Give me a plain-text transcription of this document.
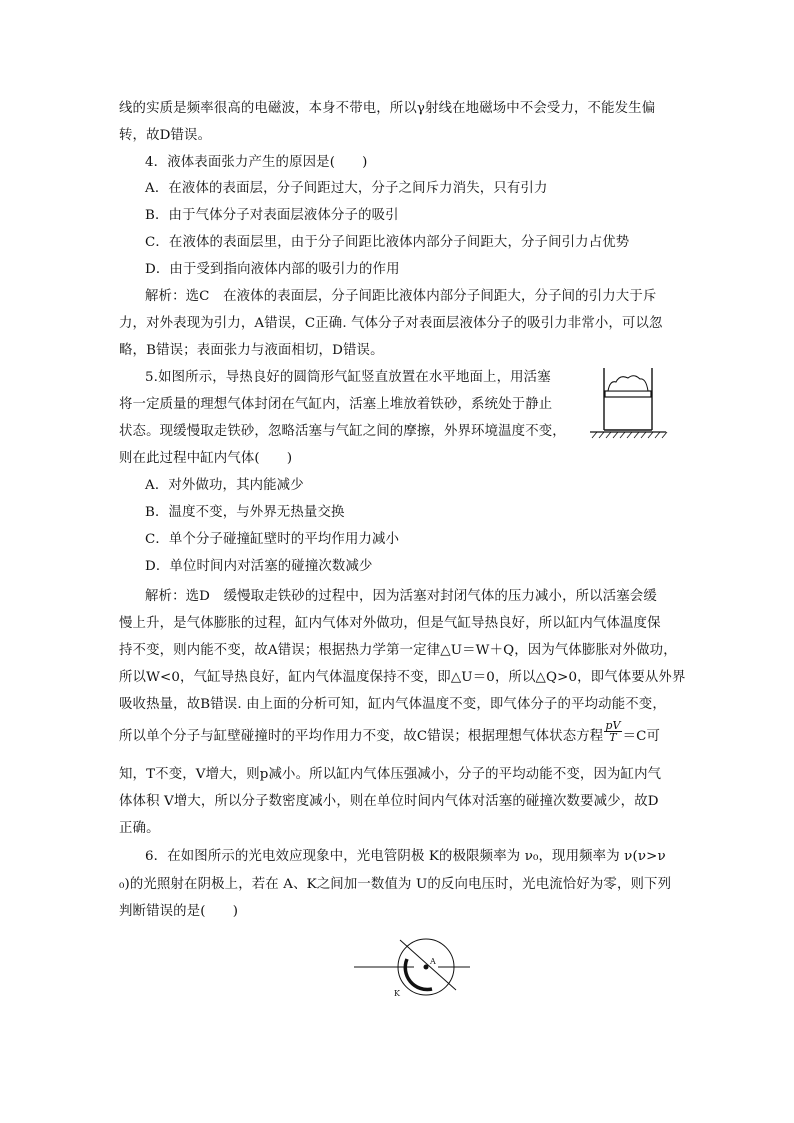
线的实质是频率很高的电磁波，本身不带电，所以γ射线在地磁场中不会受力，不能发生偏
转，故D错误。
4．液体表面张力产生的原因是(　　)
A．在液体的表面层，分子间距过大，分子之间斥力消失，只有引力
B．由于气体分子对表面层液体分子的吸引
C．在液体的表面层里，由于分子间距比液体内部分子间距大，分子间引力占优势
D．由于受到指向液体内部的吸引力的作用
解析：选C　在液体的表面层，分子间距比液体内部分子间距大，分子间的引力大于斥
力，对外表现为引力，A错误，C正确. 气体分子对表面层液体分子的吸引力非常小，可以忽
略，B错误；表面张力与液面相切，D错误。
5.如图所示，导热良好的圆筒形气缸竖直放置在水平地面上，用活塞
将一定质量的理想气体封闭在气缸内，活塞上堆放着铁砂，系统处于静止
状态。现缓慢取走铁砂，忽略活塞与气缸之间的摩擦，外界环境温度不变，
则在此过程中缸内气体(　　)
A．对外做功，其内能减少
B．温度不变，与外界无热量交换
C．单个分子碰撞缸壁时的平均作用力减小
D．单位时间内对活塞的碰撞次数减少
解析：选D　缓慢取走铁砂的过程中，因为活塞对封闭气体的压力减小，所以活塞会缓
慢上升，是气体膨胀的过程，缸内气体对外做功，但是气缸导热良好，所以缸内气体温度保
持不变，则内能不变，故A错误；根据热力学第一定律△U＝W＋Q，因为气体膨胀对外做功，
所以W<0，气缸导热良好，缸内气体温度保持不变，即△U＝0，所以△Q>0，即气体要从外界
吸收热量，故B错误. 由上面的分析可知，缸内气体温度不变，即气体分子的平均动能不变，
所以单个分子与缸壁碰撞时的平均作用力不变，故C错误；根据理想气体状态方程 $\frac{pV}{T} =C$可
知，T不变，V增大，则p减小。所以缸内气体压强减小，分子的平均动能不变，因为缸内气
体体积 V增大，所以分子数密度减小，则在单位时间内气体对活塞的碰撞次数要减少，故D
正确。
6．在如图所示的光电效应现象中，光电管阴极 K的极限频率为 ν₀，现用频率为 ν(ν>ν
₀)的光照射在阴极上，若在 A、K之间加一数值为 U的反向电压时，光电流恰好为零，则下列
判断错误的是(　　)
A
K
